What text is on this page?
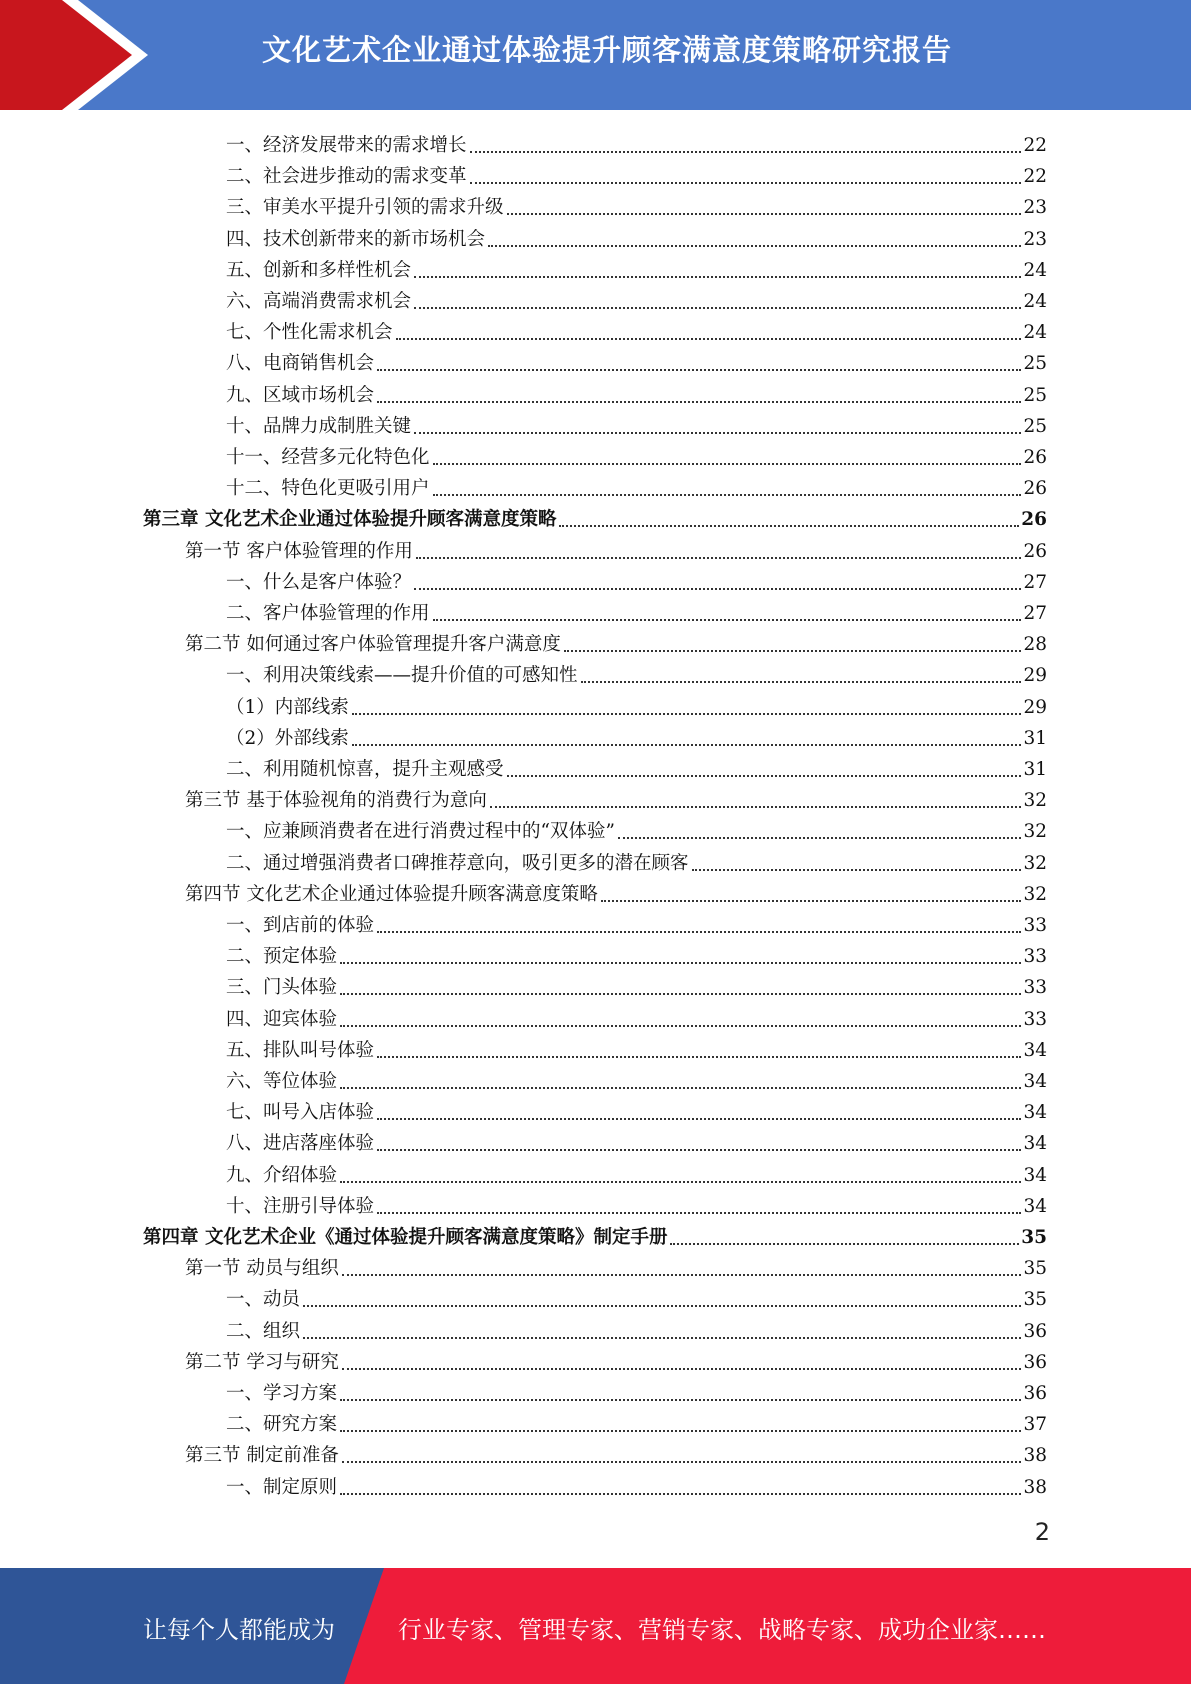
文化艺术企业通过体验提升顾客满意度策略研究报告
一、经济发展带来的需求增长	22
二、社会进步推动的需求变革	22
三、审美水平提升引领的需求升级	23
四、技术创新带来的新市场机会	23
五、创新和多样性机会	24
六、高端消费需求机会	24
七、个性化需求机会	24
八、电商销售机会	25
九、区域市场机会	25
十、品牌力成制胜关键	25
十一、经营多元化特色化	26
十二、特色化更吸引用户	26
第三章 文化艺术企业通过体验提升顾客满意度策略	26
第一节 客户体验管理的作用	26
一、什么是客户体验？	27
二、客户体验管理的作用	27
第二节 如何通过客户体验管理提升客户满意度	28
一、利用决策线索——提升价值的可感知性	29
（1）内部线索	29
（2）外部线索	31
二、利用随机惊喜，提升主观感受	31
第三节 基于体验视角的消费行为意向	32
一、应兼顾消费者在进行消费过程中的“双体验”	32
二、通过增强消费者口碑推荐意向，吸引更多的潜在顾客	32
第四节 文化艺术企业通过体验提升顾客满意度策略	32
一、到店前的体验	33
二、预定体验	33
三、门头体验	33
四、迎宾体验	33
五、排队叫号体验	34
六、等位体验	34
七、叫号入店体验	34
八、进店落座体验	34
九、介绍体验	34
十、注册引导体验	34
第四章 文化艺术企业《通过体验提升顾客满意度策略》制定手册	35
第一节 动员与组织	35
一、动员	35
二、组织	36
第二节 学习与研究	36
一、学习方案	36
二、研究方案	37
第三节 制定前准备	38
一、制定原则	38
2
让每个人都能成为	行业专家、管理专家、营销专家、战略专家、成功企业家……
